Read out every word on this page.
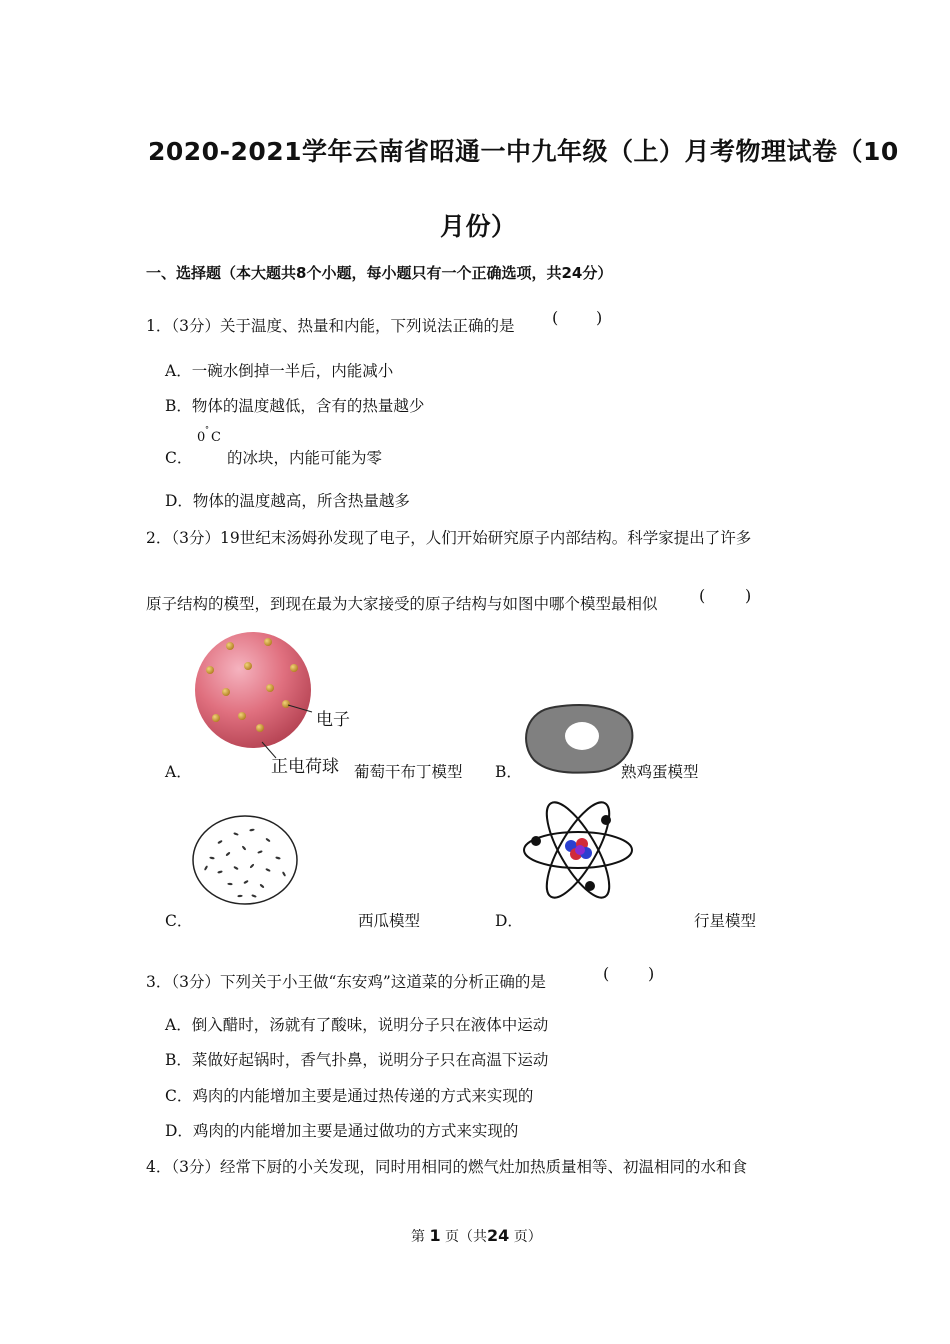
2020-2021学年云南省昭通一中九年级（上）月考物理试卷（10
月份）
一、选择题（本大题共8个小题，每小题只有一个正确选项，共24分）
1．（3分）关于温度、热量和内能，下列说法正确的是 ( )
A．一碗水倒掉一半后，内能减小
B．物体的温度越低，含有的热量越少
C．
0
°
C
的冰块，内能可能为零
D．物体的温度越高，所含热量越多
2．（3分）19世纪末汤姆孙发现了电子，人们开始研究原子内部结构。科学家提出了许多
原子结构的模型，到现在最为大家接受的原子结构与如图中哪个模型最相似	( )
电子
正电荷球
A．	葡萄干布丁模型 B．	熟鸡蛋模型
C．	西瓜模型	D．	行星模型
3．（3分）下列关于小王做“东安鸡”这道菜的分析正确的是	( )
A．倒入醋时，汤就有了酸味，说明分子只在液体中运动
B．菜做好起锅时，香气扑鼻，说明分子只在高温下运动
C．鸡肉的内能增加主要是通过热传递的方式来实现的
D．鸡肉的内能增加主要是通过做功的方式来实现的
4．（3分）经常下厨的小关发现，同时用相同的燃气灶加热质量相等、初温相同的水和食
第 1 页（共24 页）
